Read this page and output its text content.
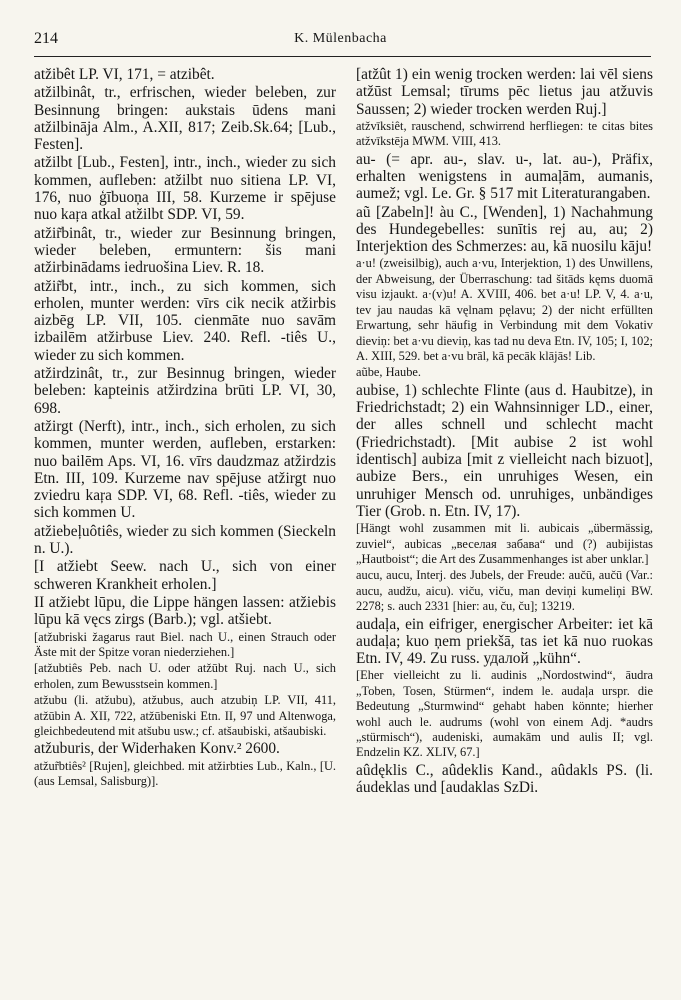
214	K. Mülenbacha

atžibêt LP. VI, 171, = atzibêt.

atžilbinât, tr., erfrischen, wieder beleben, zur Besinnung bringen: aukstais ūdens mani atžilbināja Alm., A.XII, 817; Zeib.Sk.64; [Lub., Festen].

atžilbt [Lub., Festen], intr., inch., wieder zu sich kommen, aufleben: atžilbt nuo sitiena LP. VI, 176, nuo ģībuoņa III, 58. Kurzeme ir spējuse nuo kaŗa atkal atžilbt SDP. VI, 59.

atžir̃binât, tr., wieder zur Besinnung bringen, wieder beleben, ermuntern: šis mani atžirbinādams iedruošina Liev. R. 18.

atžir̃bt, intr., inch., zu sich kommen, sich erholen, munter werden: vīrs cik necik atžirbis aizbēg LP. VII, 105. cienmāte nuo savām izbailēm atžirbuse Liev. 240. Refl. -tiês U., wieder zu sich kommen.

atžirdzinât, tr., zur Besinnug bringen, wieder beleben: kapteinis atžirdzina brūti LP. VI, 30, 698.

atžirgt (Nerft), intr., inch., sich erholen, zu sich kommen, munter werden, aufleben, erstarken: nuo bailēm Aps. VI, 16. vīrs daudzmaz atžirdzis Etn. III, 109. Kurzeme nav spējuse atžirgt nuo zviedru kaŗa SDP. VI, 68. Refl. -tiês, wieder zu sich kommen U.

atžiebeļuôtiês, wieder zu sich kommen (Sieckeln n. U.).

[I atžiebt Seew. nach U., sich von einer schweren Krankheit erholen.]

II atžiebt lūpu, die Lippe hängen lassen: atžiebis lūpu kā vęcs zirgs (Barb.); vgl. atšiebt.

[atžubriski žagarus raut Biel. nach U., einen Strauch oder Äste mit der Spitze voran niederziehen.]

[atžubtiês Peb. nach U. oder atžūbt Ruj. nach U., sich erholen, zum Bewusstsein kommen.]

atžubu (li. atžubu), atžubus, auch atzubiņ LP. VII, 411, atžūbin A. XII, 722, atžūbeniski Etn. II, 97 und Altenwoga, gleichbedeutend mit atšubu usw.; cf. atšaubiski, atšaubiski.

atžuburis, der Widerhaken Konv.² 2600.

atžur̃btiês² [Rujen], gleichbed. mit atžirbties Lub., Kaln., [U. (aus Lemsal, Salisburg)].

[atžût 1) ein wenig trocken werden: lai vēl siens atžūst Lemsal; tīrums pēc lietus jau atžuvis Saussen; 2) wieder trocken werden Ruj.]

atžvīksiêt, rauschend, schwirrend herfliegen: te citas bites atžvīkstēja MWM. VIII, 413.

au- (= apr. au-, slav. u-, lat. au-), Präfix, erhalten wenigstens in aumaļām, aumanis, aumež; vgl. Le. Gr. § 517 mit Literaturangaben.

aũ [Zabeln]! àu C., [Wenden], 1) Nachahmung des Hundegebelles: sunītis rej au, au; 2) Interjektion des Schmerzes: au, kā nuosilu kāju!

a·u! (zweisilbig), auch a·vu, Interjektion, 1) des Unwillens, der Abweisung, der Überraschung: tad šitāds kęms duomā visu izjaukt. a·(v)u! A. XVIII, 406. bet a·u! LP. V, 4. a·u, tev jau naudas kā vęlnam pęlavu; 2) der nicht erfüllten Erwartung, sehr häufig in Verbindung mit dem Vokativ dieviņ: bet a·vu dieviņ, kas tad nu deva Etn. IV, 105; I, 102; A. XIII, 529. bet a·vu brāl, kā pecāk klājās! Lib.

aũbe, Haube.

aubise, 1) schlechte Flinte (aus d. Haubitze), in Friedrichstadt; 2) ein Wahnsinniger LD., einer, der alles schnell und schlecht macht (Friedrichstadt). [Mit aubise 2 ist wohl identisch] aubiza [mit z vielleicht nach bizuot], aubize Bers., ein unruhiges Wesen, ein unruhiger Mensch od. unruhiges, unbändiges Tier (Grob. n. Etn. IV, 17).

[Hängt wohl zusammen mit li. aubicais „übermässig, zuviel“, aubicas „веселая забава“ und (?) aubijistas „Hautboist“; die Art des Zusammenhanges ist aber unklar.]

aucu, aucu, Interj. des Jubels, der Freude: aučū, aučū (Var.: aucu, audžu, aicu). viču, viču, man deviņi kumeliņi BW. 2278; s. auch 2331 [hier: au, ču, ču]; 13219.

audaļa, ein eifriger, energischer Arbeiter: iet kā audaļa; kuo ņem priekšā, tas iet kā nuo ruokas Etn. IV, 49. Zu russ. удалой „kühn“.

[Eher vielleicht zu li. audinis „Nordostwind“, āudra „Toben, Tosen, Stürmen“, indem le. audaļa urspr. die Bedeutung „Sturmwind“ gehabt haben könnte; hierher wohl auch le. audrums (wohl von einem Adj. *audrs „stürmisch“), audeniski, aumakām und aulis II; vgl. Endzelin KZ. XLIV, 67.]

aûdęklis C., aûdeklis Kand., aûdakls PS. (li. áudeklas und [audaklas SzDi.
